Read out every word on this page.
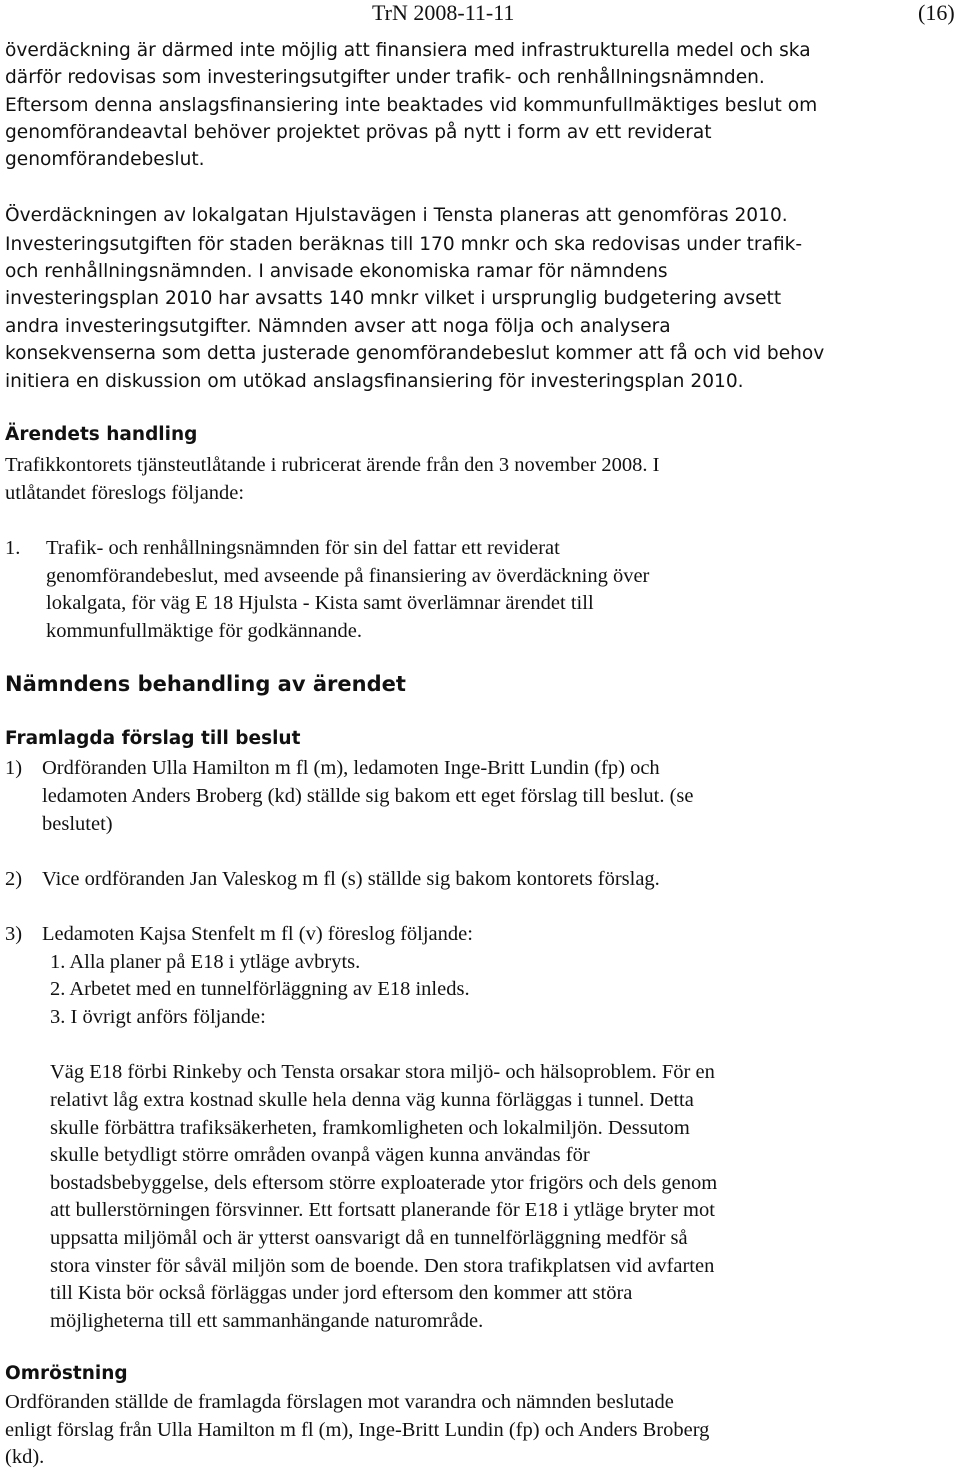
TrN 2008-11-11	(16)
överdäckning är därmed inte möjlig att finansiera med infrastrukturella medel och ska
därför redovisas som investeringsutgifter under trafik- och renhållningsnämnden.
Eftersom denna anslagsfinansiering inte beaktades vid kommunfullmäktiges beslut om
genomförandeavtal behöver projektet prövas på nytt i form av ett reviderat
genomförandebeslut.
Överdäckningen av lokalgatan Hjulstavägen i Tensta planeras att genomföras 2010.
Investeringsutgiften för staden beräknas till 170 mnkr och ska redovisas under trafik-
och renhållningsnämnden. I anvisade ekonomiska ramar för nämndens
investeringsplan 2010 har avsatts 140 mnkr vilket i ursprunglig budgetering avsett
andra investeringsutgifter. Nämnden avser att noga följa och analysera
konsekvenserna som detta justerade genomförandebeslut kommer att få och vid behov
initiera en diskussion om utökad anslagsfinansiering för investeringsplan 2010.
Ärendets handling
Trafikkontorets tjänsteutlåtande i rubricerat ärende från den 3 november 2008. I
utlåtandet föreslogs följande:
1. Trafik- och renhållningsnämnden för sin del fattar ett reviderat
genomförandebeslut, med avseende på finansiering av överdäckning över
lokalgata, för väg E 18 Hjulsta - Kista samt överlämnar ärendet till
kommunfullmäktige för godkännande.
Nämndens behandling av ärendet
Framlagda förslag till beslut
1) Ordföranden Ulla Hamilton m fl (m), ledamoten Inge-Britt Lundin (fp) och
ledamoten Anders Broberg (kd) ställde sig bakom ett eget förslag till beslut. (se
beslutet)
2) Vice ordföranden Jan Valeskog m fl (s) ställde sig bakom kontorets förslag.
3) Ledamoten Kajsa Stenfelt m fl (v) föreslog följande:
1. Alla planer på E18 i ytläge avbryts.
2. Arbetet med en tunnelförläggning av E18 inleds.
3. I övrigt anförs följande:
Väg E18 förbi Rinkeby och Tensta orsakar stora miljö- och hälsoproblem. För en
relativt låg extra kostnad skulle hela denna väg kunna förläggas i tunnel. Detta
skulle förbättra trafiksäkerheten, framkomligheten och lokalmiljön. Dessutom
skulle betydligt större områden ovanpå vägen kunna användas för
bostadsbebyggelse, dels eftersom större exploaterade ytor frigörs och dels genom
att bullerstörningen försvinner. Ett fortsatt planerande för E18 i ytläge bryter mot
uppsatta miljömål och är ytterst oansvarigt då en tunnelförläggning medför så
stora vinster för såväl miljön som de boende. Den stora trafikplatsen vid avfarten
till Kista bör också förläggas under jord eftersom den kommer att störa
möjligheterna till ett sammanhängande naturområde.
Omröstning
Ordföranden ställde de framlagda förslagen mot varandra och nämnden beslutade
enligt förslag från Ulla Hamilton m fl (m), Inge-Britt Lundin (fp) och Anders Broberg
(kd).
